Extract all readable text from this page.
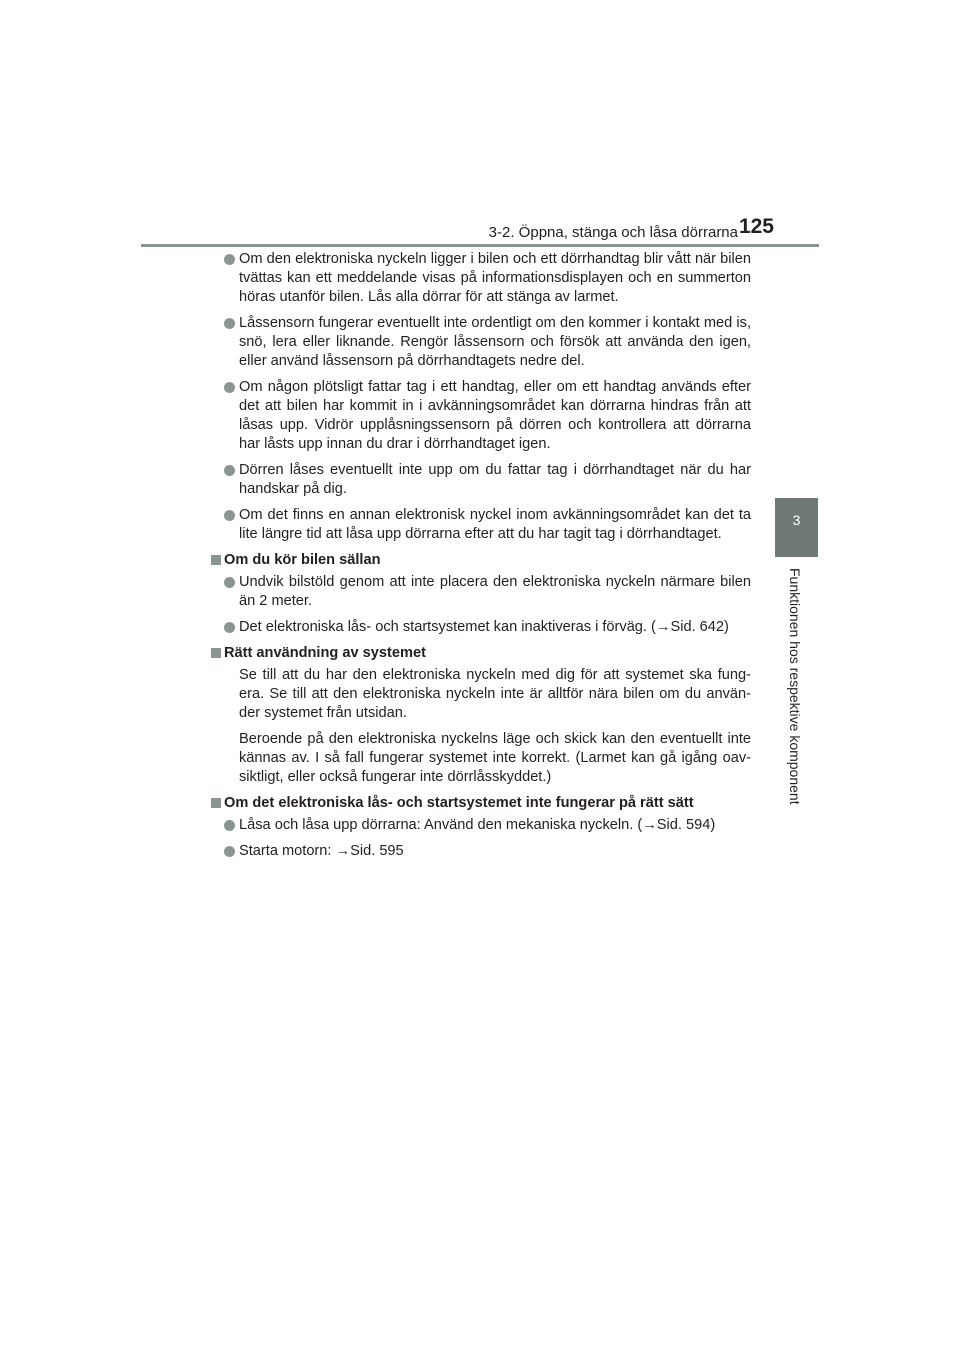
3-2. Öppna, stänga och låsa dörrarna 125
3
Funktionen hos respektive komponent
Om den elektroniska nyckeln ligger i bilen och ett dörrhandtag blir vått när bilen tvättas kan ett meddelande visas på informationsdisplayen och en summerton höras utanför bilen. Lås alla dörrar för att stänga av larmet.
Låssensorn fungerar eventuellt inte ordentligt om den kommer i kontakt med is, snö, lera eller liknande. Rengör låssensorn och försök att använda den igen, eller använd låssensorn på dörrhandtagets nedre del.
Om någon plötsligt fattar tag i ett handtag, eller om ett handtag används efter det att bilen har kommit in i avkänningsområdet kan dörrarna hindras från att låsas upp. Vidrör upplåsningssensorn på dörren och kontrollera att dörrarna har låsts upp innan du drar i dörrhandtaget igen.
Dörren låses eventuellt inte upp om du fattar tag i dörrhandtaget när du har handskar på dig.
Om det finns en annan elektronisk nyckel inom avkänningsområdet kan det ta lite längre tid att låsa upp dörrarna efter att du har tagit tag i dörrhandtaget.
Om du kör bilen sällan
Undvik bilstöld genom att inte placera den elektroniska nyckeln närmare bilen än 2 meter.
Det elektroniska lås- och startsystemet kan inaktiveras i förväg. (→Sid. 642)
Rätt användning av systemet
Se till att du har den elektroniska nyckeln med dig för att systemet ska fung-era. Se till att den elektroniska nyckeln inte är alltför nära bilen om du använ-der systemet från utsidan.
Beroende på den elektroniska nyckelns läge och skick kan den eventuellt inte kännas av. I så fall fungerar systemet inte korrekt. (Larmet kan gå igång oav-siktligt, eller också fungerar inte dörrlåsskyddet.)
Om det elektroniska lås- och startsystemet inte fungerar på rätt sätt
Låsa och låsa upp dörrarna: Använd den mekaniska nyckeln. (→Sid. 594)
Starta motorn: →Sid. 595
